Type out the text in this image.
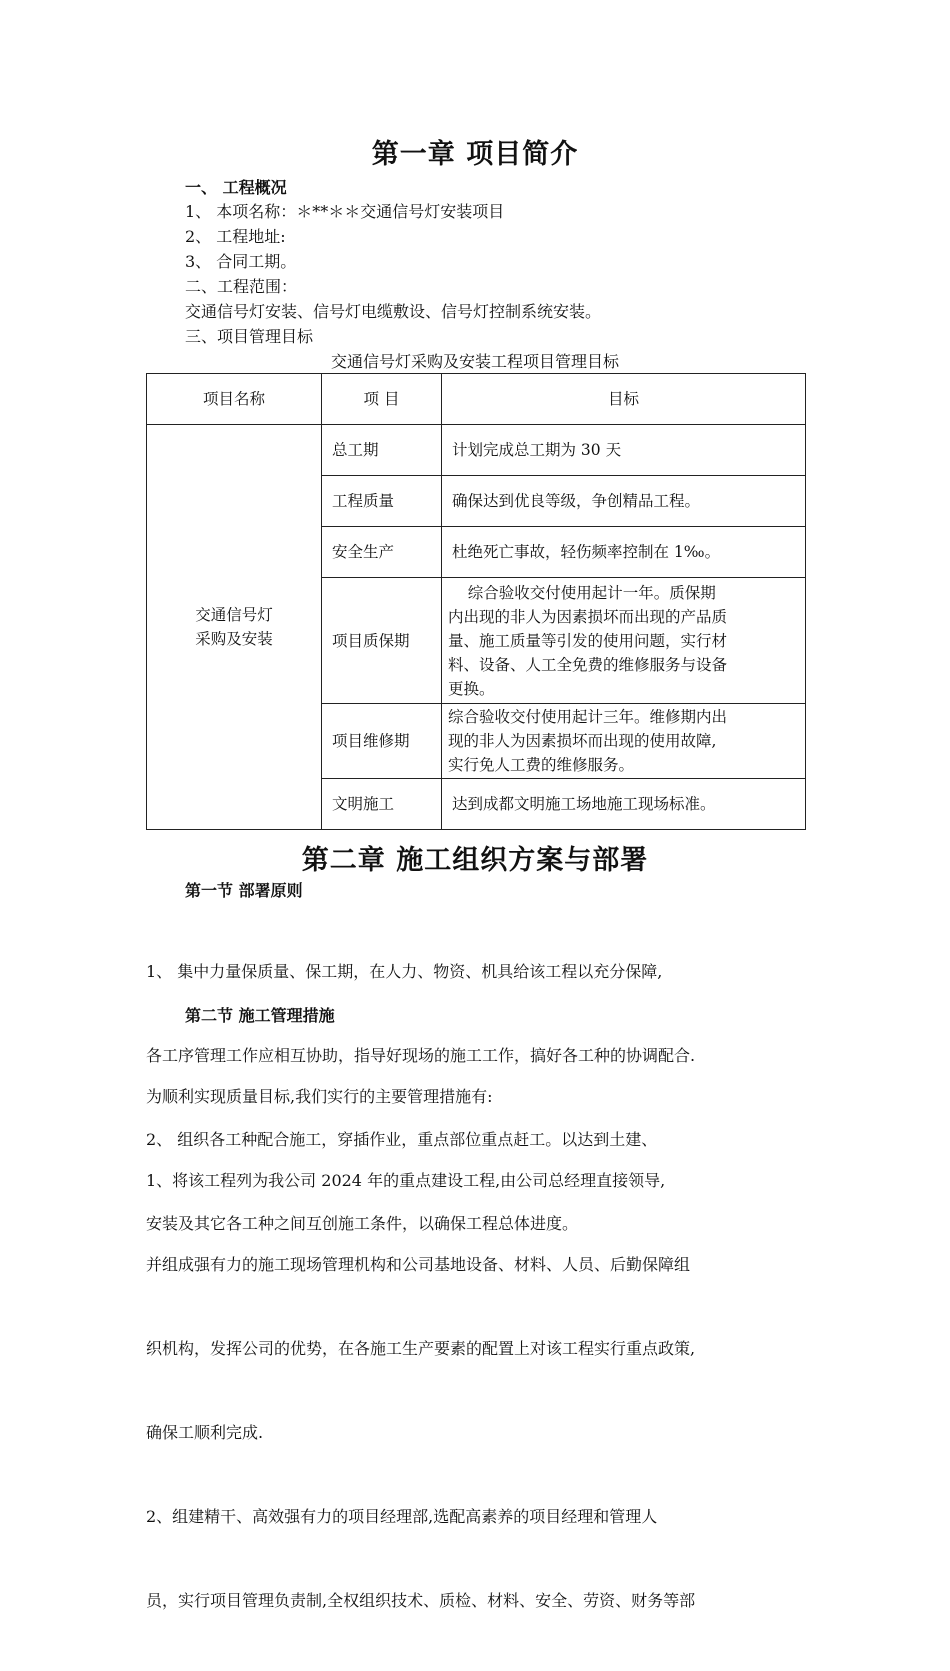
第一章 项目简介
一、 工程概况
1、 本项名称：＊**＊＊交通信号灯安装项目
2、 工程地址:
3、 合同工期。
二、工程范围：
交通信号灯安装、信号灯电缆敷设、信号灯控制系统安装。
三、项目管理目标
交通信号灯采购及安装工程项目管理目标
项目名称	项 目	目标

交通信号灯
采购及安装	总工期	计划完成总工期为 30 天
	工程质量	确保达到优良等级，争创精品工程。
	安全生产	杜绝死亡事故，轻伤频率控制在 1‰。
	项目质保期	综合验收交付使用起计一年。质保期
内出现的非人为因素损坏而出现的产品质
量、施工质量等引发的使用问题，实行材
料、设备、人工全免费的维修服务与设备
更换。

	项目维修期	综合验收交付使用起计三年。维修期内出
现的非人为因素损坏而出现的使用故障,
实行免人工费的维修服务。

	文明施工	达到成都文明施工场地施工现场标准。
第二章 施工组织方案与部署
第一节 部署原则

1、 集中力量保质量、保工期，在人力、物资、机具给该工程以充分保障,

各工序管理工作应相互协助，指导好现场的施工工作，搞好各工种的协调配合.

2、 组织各工种配合施工，穿插作业，重点部位重点赶工。以达到土建、

安装及其它各工种之间互创施工条件，以确保工程总体进度。

第二节 施工管理措施

为顺利实现质量目标,我们实行的主要管理措施有:

1、将该工程列为我公司 2024 年的重点建设工程,由公司总经理直接领导,

并组成强有力的施工现场管理机构和公司基地设备、材料、人员、后勤保障组

织机构，发挥公司的优势，在各施工生产要素的配置上对该工程实行重点政策,

确保工顺利完成.

2、组建精干、高效强有力的项目经理部,选配高素养的项目经理和管理人

员，实行项目管理负责制,全权组织技术、质检、材料、安全、劳资、财务等部
